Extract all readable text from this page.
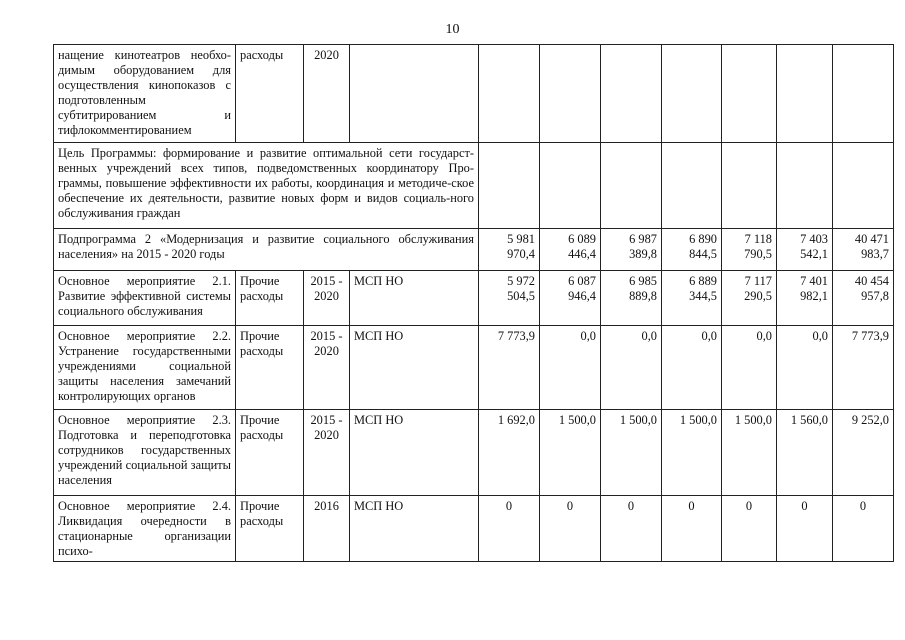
10
нащение кинотеатров необхо-димым оборудованием для осуществления кинопоказов с подготовленным субтитрированием и тифлокомментированием	расходы	2020								
Цель Программы: формирование и развитие оптимальной сети государст-венных учреждений всех типов, подведомственных координатору Про-граммы, повышение эффективности их работы, координация и методиче-ское обеспечение их деятельности, развитие новых форм и видов социаль-ного обслуживания граждан										
Подпрограмма 2 «Модернизация и развитие социального обслуживания населения» на 2015 - 2020 годы				5 981 970,4	6 089 446,4	6 987 389,8	6 890 844,5	7 118 790,5	7 403 542,1	40 471 983,7
Основное мероприятие 2.1. Развитие эффективной системы социального обслуживания	Прочие расходы	2015 - 2020	МСП НО	5 972 504,5	6 087 946,4	6 985 889,8	6 889 344,5	7 117 290,5	7 401 982,1	40 454 957,8
Основное мероприятие 2.2. Устранение государственными учреждениями социальной защиты населения замечаний контролирующих органов	Прочие расходы	2015 - 2020	МСП НО	7 773,9	0,0	0,0	0,0	0,0	0,0	7 773,9
Основное мероприятие 2.3. Подготовка и переподготовка сотрудников государственных учреждений социальной защиты населения	Прочие расходы	2015 - 2020	МСП НО	1 692,0	1 500,0	1 500,0	1 500,0	1 500,0	1 560,0	9 252,0
Основное мероприятие 2.4. Ликвидация очередности в стационарные организации психо-	Прочие расходы	2016	МСП НО	0	0	0	0	0	0	0
